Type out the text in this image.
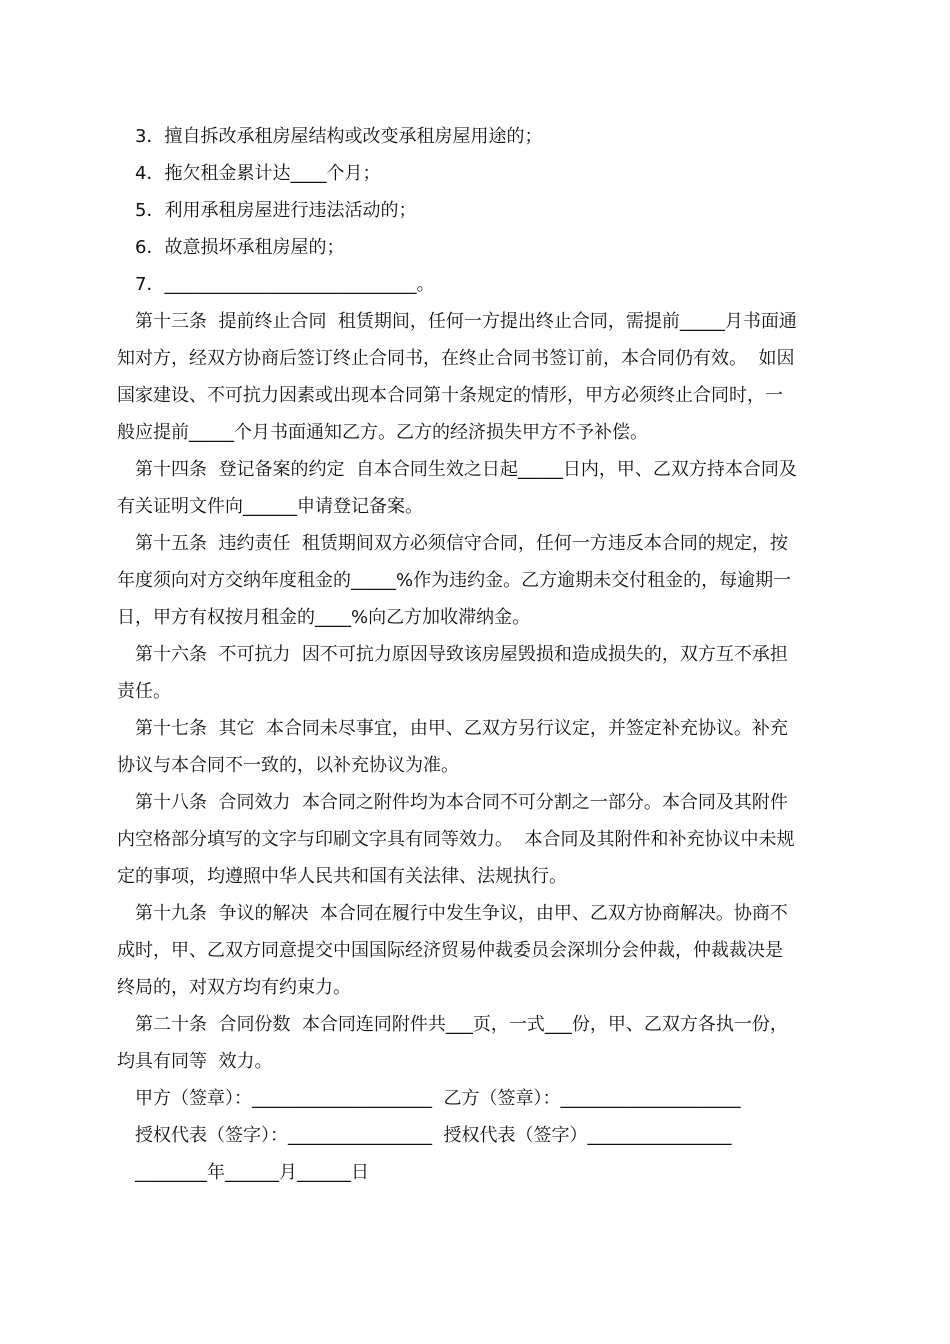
3．擅自拆改承租房屋结构或改变承租房屋用途的；

4．拖欠租金累计达____个月；

5．利用承租房屋进行违法活动的；

6．故意损坏承租房屋的；

7．____________________________。

第十三条  提前终止合同  租赁期间，任何一方提出终止合同，需提前_____月书面通

知对方，经双方协商后签订终止合同书，在终止合同书签订前，本合同仍有效。  如因

国家建设、不可抗力因素或出现本合同第十条规定的情形，甲方必须终止合同时，一

般应提前_____个月书面通知乙方。乙方的经济损失甲方不予补偿。

第十四条  登记备案的约定  自本合同生效之日起_____日内，甲、乙双方持本合同及

有关证明文件向______申请登记备案。

第十五条  违约责任  租赁期间双方必须信守合同，任何一方违反本合同的规定，按

年度须向对方交纳年度租金的_____%作为违约金。乙方逾期未交付租金的，每逾期一

日，甲方有权按月租金的____%向乙方加收滞纳金。

第十六条  不可抗力  因不可抗力原因导致该房屋毁损和造成损失的，双方互不承担

责任。

第十七条  其它  本合同未尽事宜，由甲、乙双方另行议定，并签定补充协议。补充

协议与本合同不一致的，以补充协议为准。

第十八条  合同效力  本合同之附件均为本合同不可分割之一部分。本合同及其附件

内空格部分填写的文字与印刷文字具有同等效力。  本合同及其附件和补充协议中未规

定的事项，均遵照中华人民共和国有关法律、法规执行。

第十九条  争议的解决  本合同在履行中发生争议，由甲、乙双方协商解决。协商不

成时，甲、乙双方同意提交中国国际经济贸易仲裁委员会深圳分会仲裁，仲裁裁决是

终局的，对双方均有约束力。

第二十条  合同份数  本合同连同附件共___页，一式___份，甲、乙双方各执一份，

均具有同等  效力。

甲方（签章）：____________________  乙方（签章）：____________________

授权代表（签字）：________________  授权代表（签字）________________

________年______月______日
